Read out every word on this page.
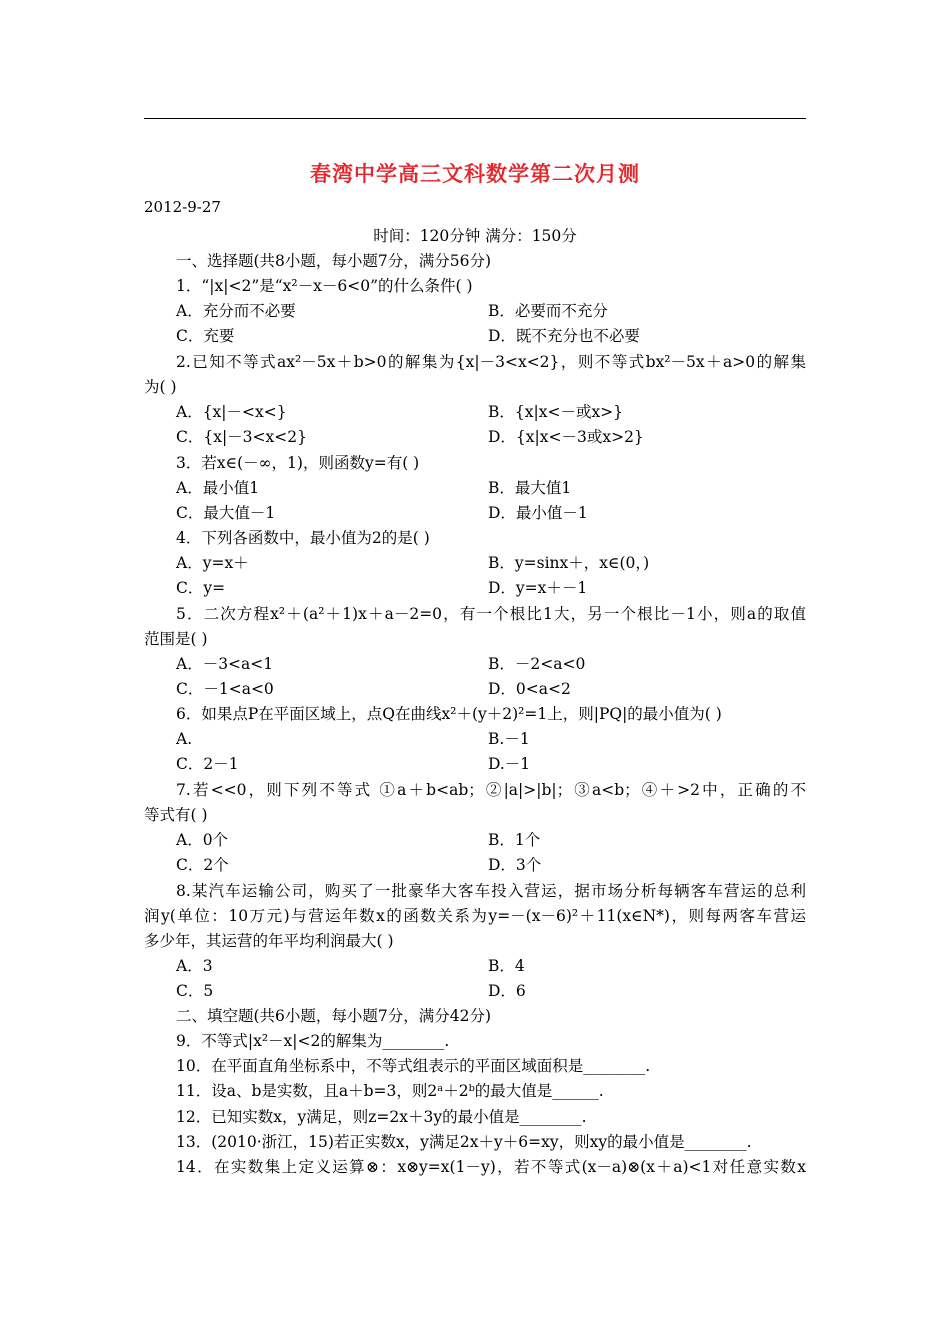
春湾中学高三文科数学第二次月测
2012-9-27
时间：120分钟 满分：150分
一、选择题(共8小题，每小题7分，满分56分)
1．“|x|<2”是“x²－x－6<0”的什么条件( )
A．充分而不必要	B．必要而不充分
C．充要	D．既不充分也不必要
2.已知不等式ax²－5x＋b>0的解集为{x|－3<x<2}，则不等式bx²－5x＋a>0的解集
为( )
A．{x|－<x<}	B．{x|x<－或x>}
C．{x|－3<x<2}	D．{x|x<－3或x>2}
3．若x∈(－∞，1)，则函数y=有( )
A．最小值1	B．最大值1
C．最大值－1	D．最小值－1
4．下列各函数中，最小值为2的是( )
A．y=x＋	B．y=sinx＋，x∈(0，)
C．y=	D．y=x＋－1
5．二次方程x²＋(a²＋1)x＋a－2=0，有一个根比1大，另一个根比－1小，则a的取值
范围是( )
A．－3<a<1	B．－2<a<0
C．－1<a<0	D．0<a<2
6．如果点P在平面区域上，点Q在曲线x²＋(y＋2)²=1上，则|PQ|的最小值为( )
A.	B.－1
C．2－1	D.－1
7.若<<0，则下列不等式 ①a＋b<ab；②|a|>|b|；③a<b；④＋>2中，正确的不
等式有( )
A．0个	B．1个
C．2个	D．3个
8.某汽车运输公司，购买了一批豪华大客车投入营运，据市场分析每辆客车营运的总利
润y(单位：10万元)与营运年数x的函数关系为y=－(x－6)²＋11(x∈N*)，则每两客车营运
多少年，其运营的年平均利润最大( )
A．3	B．4
C．5	D．6
二、填空题(共6小题，每小题7分，满分42分)
9．不等式|x²－x|<2的解集为________.
10．在平面直角坐标系中，不等式组表示的平面区域面积是________.
11．设a、b是实数，且a＋b=3，则2ᵃ＋2ᵇ的最大值是______.
12．已知实数x，y满足，则z=2x＋3y的最小值是________.
13．(2010·浙江，15)若正实数x，y满足2x＋y＋6=xy，则xy的最小值是________.
14．在实数集上定义运算⊗：x⊗y=x(1－y)，若不等式(x－a)⊗(x＋a)<1对任意实数x
